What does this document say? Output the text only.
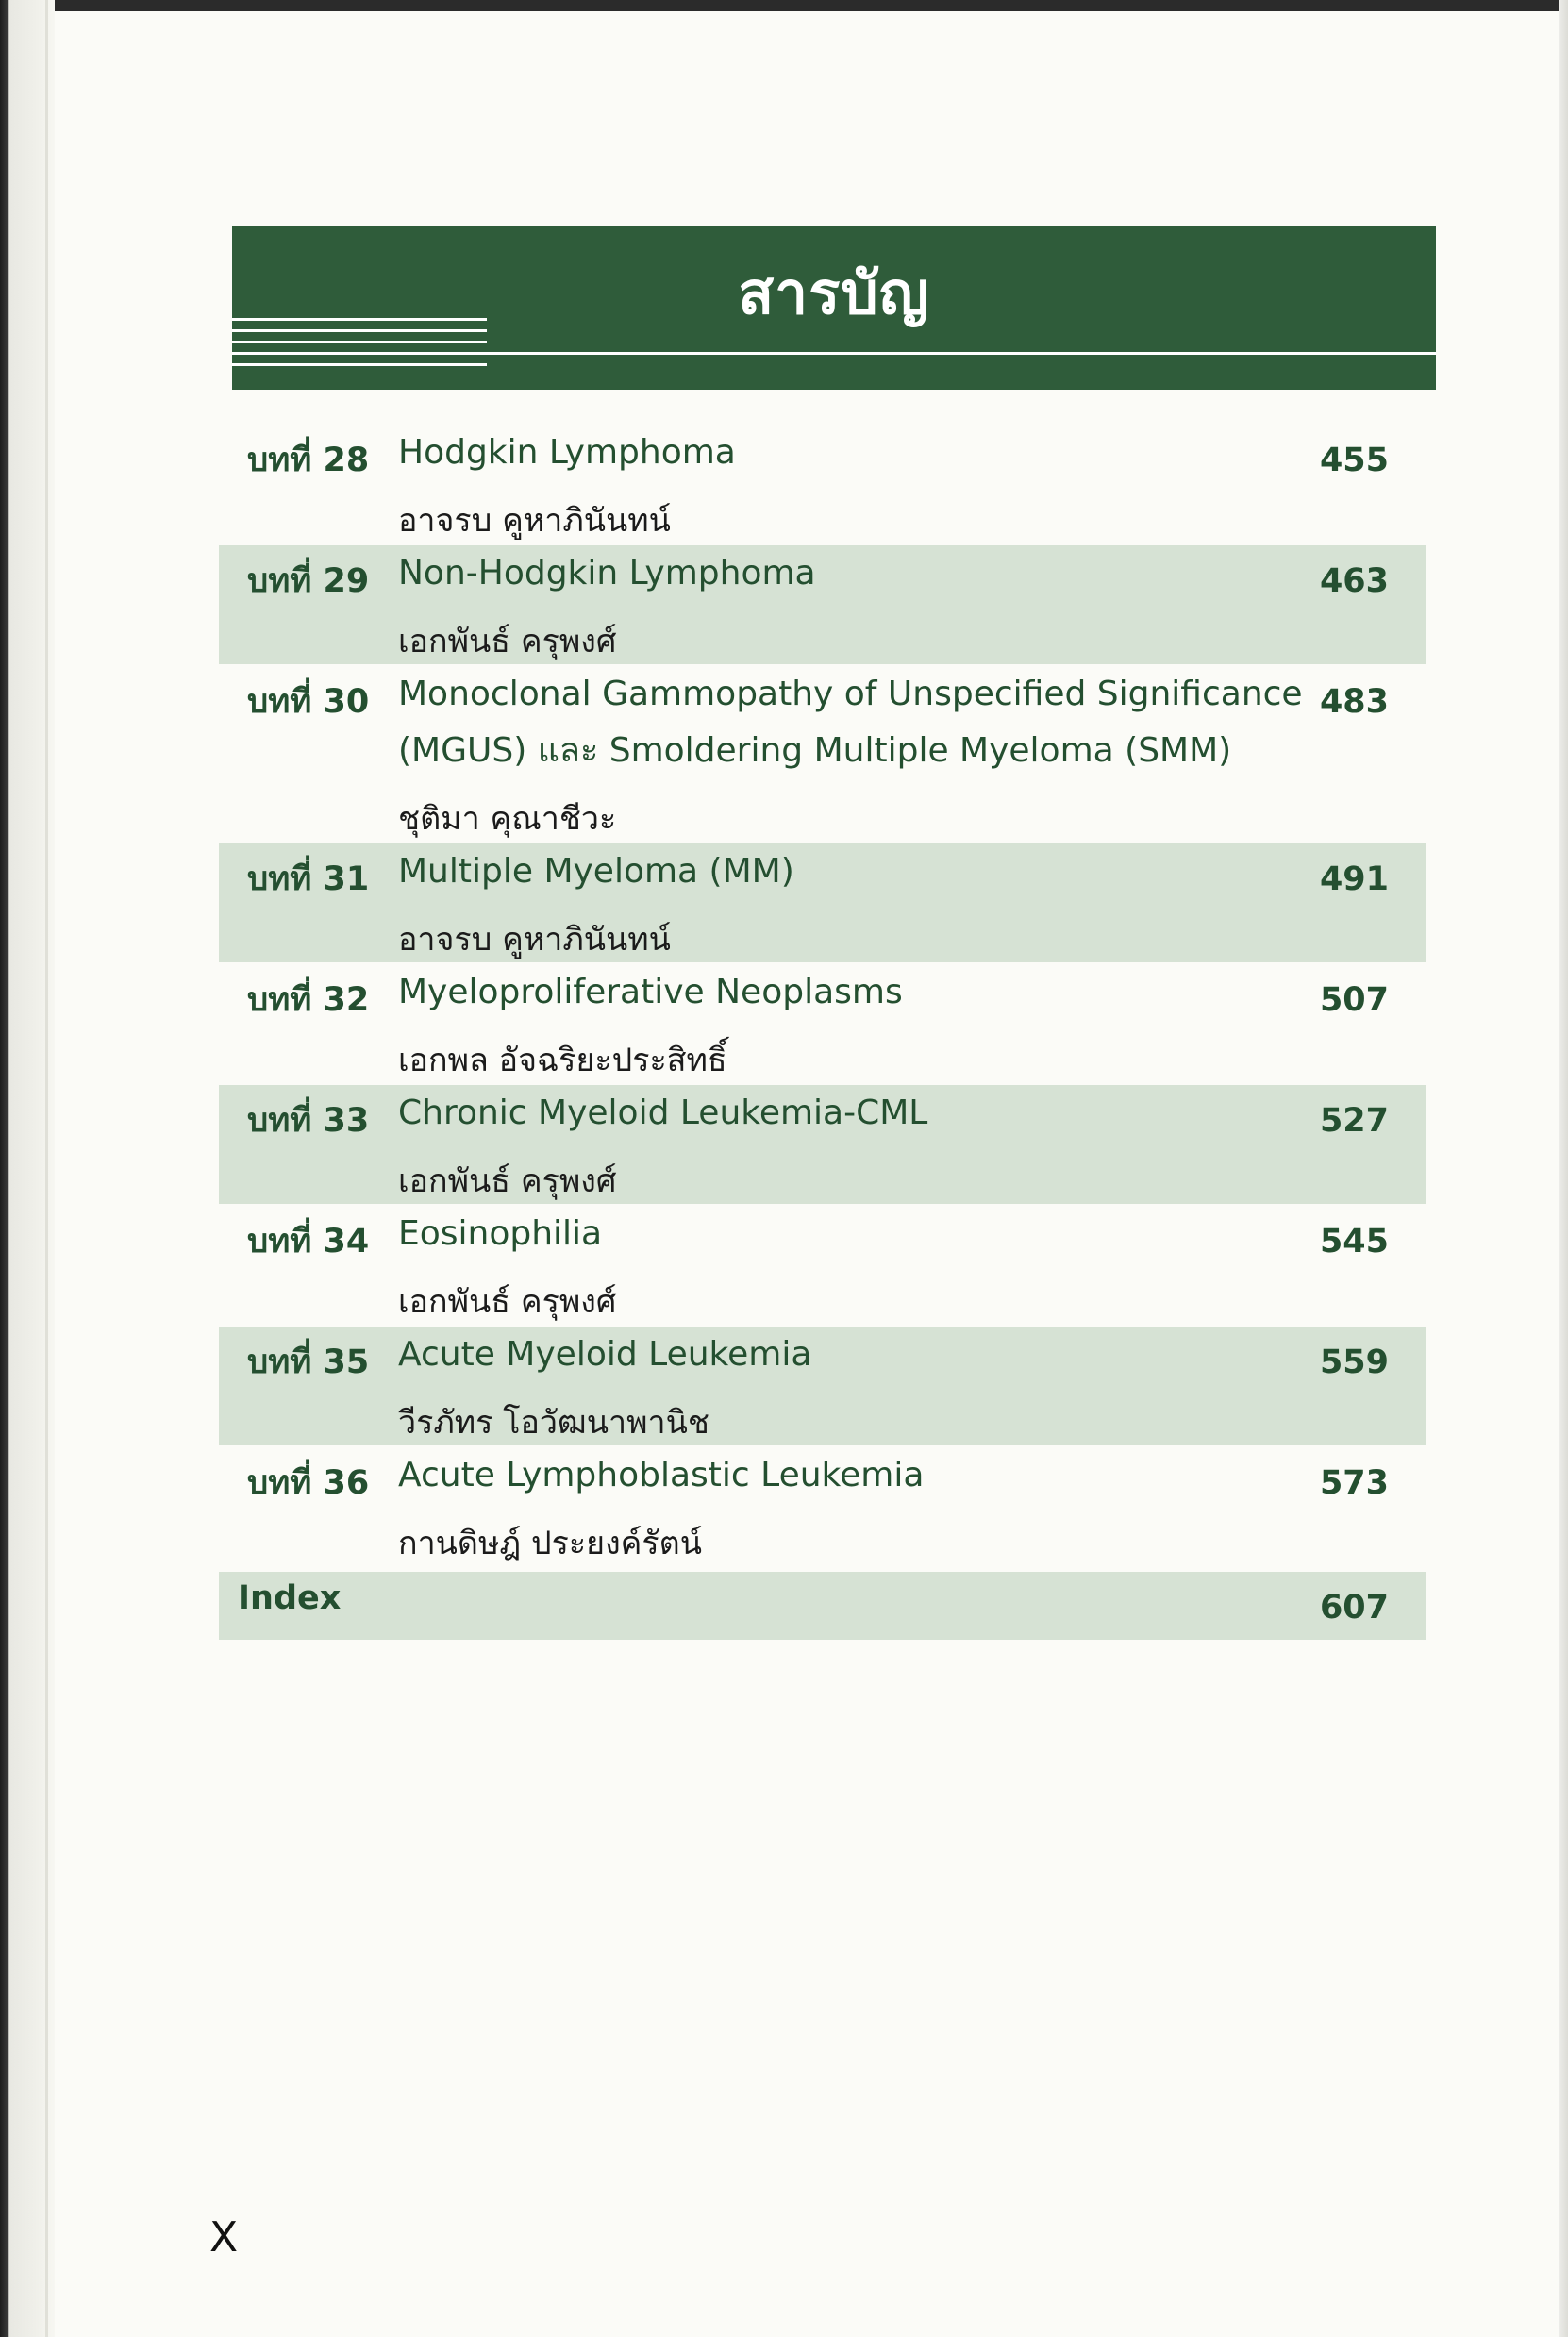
สารบัญ
บทที่ 28 Hodgkin Lymphoma
อาจรบ คูหาภินันทน์
455
บทที่ 29 Non-Hodgkin Lymphoma
เอกพันธ์ ครุพงศ์
463
บทที่ 30 Monoclonal Gammopathy of Unspecified Significance
(MGUS) และ Smoldering Multiple Myeloma (SMM)
ชุติมา คุณาชีวะ
483
บทที่ 31 Multiple Myeloma (MM)
อาจรบ คูหาภินันทน์
491
บทที่ 32 Myeloproliferative Neoplasms
เอกพล อัจฉริยะประสิทธิ์
507
บทที่ 33 Chronic Myeloid Leukemia-CML
เอกพันธ์ ครุพงศ์
527
บทที่ 34 Eosinophilia
เอกพันธ์ ครุพงศ์
545
บทที่ 35 Acute Myeloid Leukemia
วีรภัทร โอวัฒนาพานิช
559
บทที่ 36 Acute Lymphoblastic Leukemia
กานดิษฎ์ ประยงค์รัตน์
573
Index	607
X
